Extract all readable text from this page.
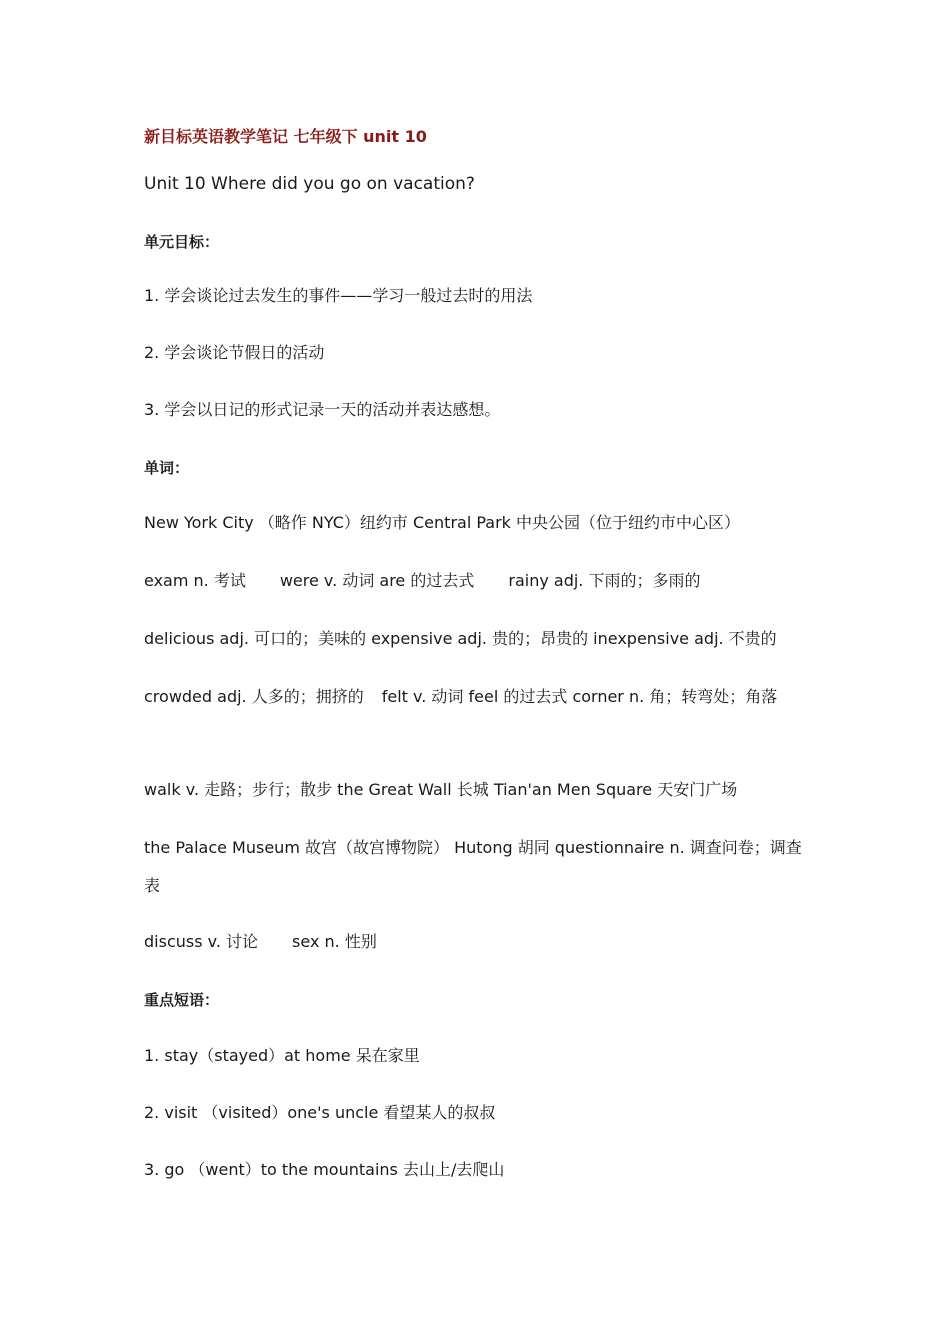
新目标英语教学笔记 七年级下 unit 10
Unit 10 Where did you go on vacation?
单元目标：
1. 学会谈论过去发生的事件——学习一般过去时的用法
2. 学会谈论节假日的活动
3. 学会以日记的形式记录一天的活动并表达感想。
单词：
New York City （略作 NYC）纽约市 Central Park 中央公园（位于纽约市中心区）
exam n. 考试 were v. 动词 are 的过去式 rainy adj. 下雨的；多雨的
delicious adj. 可口的；美味的 expensive adj. 贵的；昂贵的 inexpensive adj. 不贵的
crowded adj. 人多的；拥挤的 felt v. 动词 feel 的过去式 corner n. 角；转弯处；角落
walk v. 走路；步行；散步 the Great Wall 长城 Tian'an Men Square 天安门广场
the Palace Museum 故宫（故宫博物院） Hutong 胡同 questionnaire n. 调查问卷；调查表
discuss v. 讨论 sex n. 性别
重点短语：
1. stay（stayed）at home 呆在家里
2. visit （visited）one's uncle 看望某人的叔叔
3. go （went）to the mountains 去山上/去爬山
